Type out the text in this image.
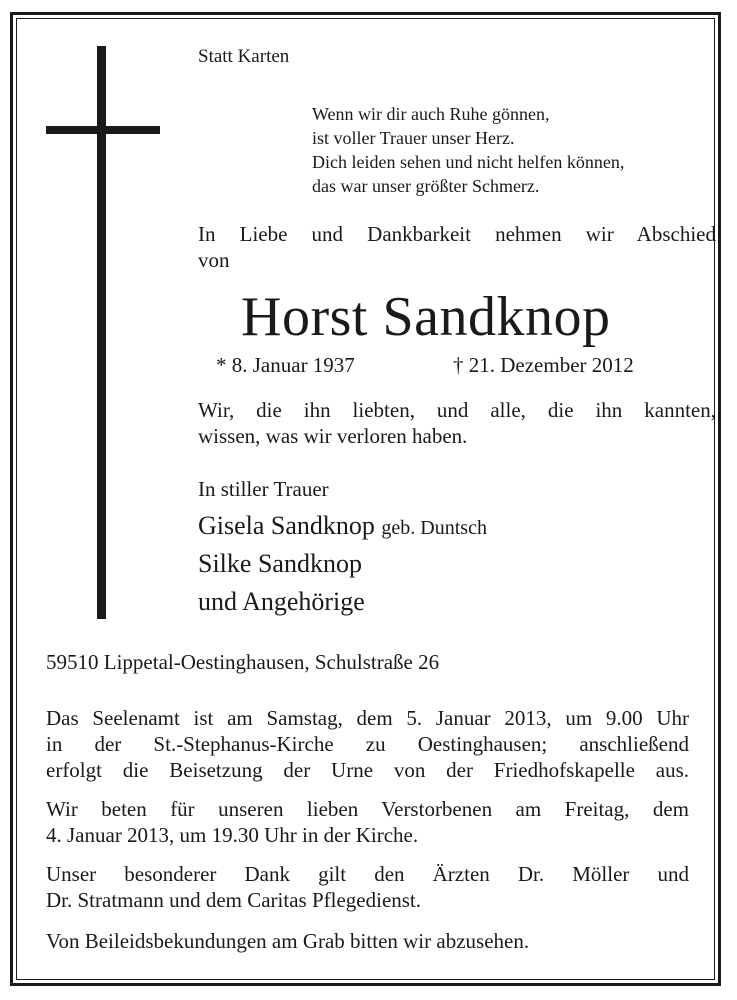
Statt Karten

Wenn wir dir auch Ruhe gönnen,
ist voller Trauer unser Herz.
Dich leiden sehen und nicht helfen können,
das war unser größter Schmerz.
In Liebe und Dankbarkeit nehmen wir Abschied
von

Horst Sandknop

* 8. Januar 1937	† 21. Dezember 2012

Wir, die ihn liebten, und alle, die ihn kannten,
wissen, was wir verloren haben.

In stiller Trauer

Gisela Sandknop geb. Duntsch
Silke Sandknop
und Angehörige

59510 Lippetal-Oestinghausen, Schulstraße 26

Das Seelenamt ist am Samstag, dem 5. Januar 2013, um 9.00 Uhr
in der St.-Stephanus-Kirche zu Oestinghausen; anschließend
erfolgt die Beisetzung der Urne von der Friedhofskapelle aus.
Wir beten für unseren lieben Verstorbenen am Freitag, dem
4. Januar 2013, um 19.30 Uhr in der Kirche.
Unser besonderer Dank gilt den Ärzten Dr. Möller und
Dr. Stratmann und dem Caritas Pflegedienst.
Von Beileidsbekundungen am Grab bitten wir abzusehen.
